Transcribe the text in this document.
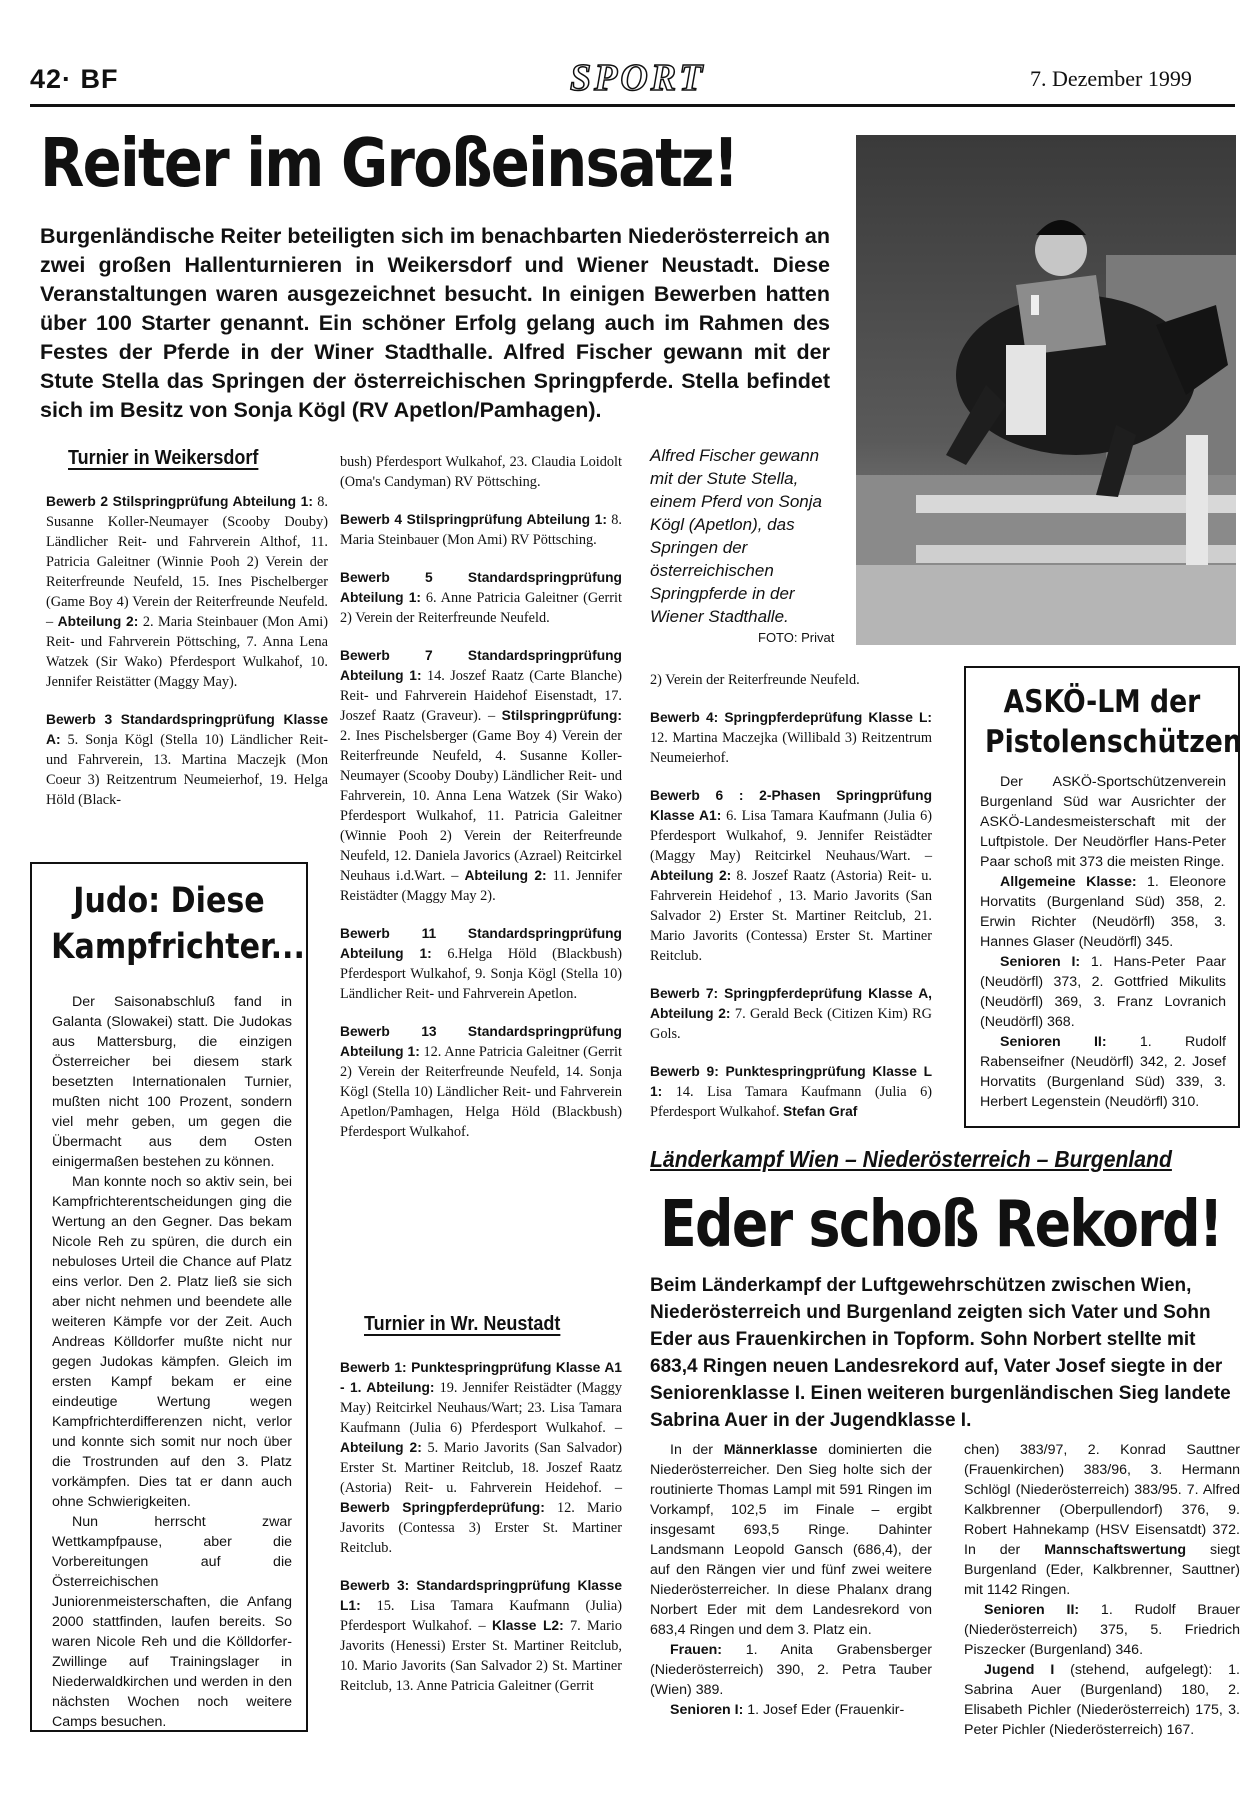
42· BF	SPORT	7. Dezember 1999
Reiter im Großeinsatz!
Burgenländische Reiter beteiligten sich im benachbarten Niederösterreich an zwei großen Hallenturnieren in Weikersdorf und Wiener Neustadt. Diese Veranstaltungen waren ausgezeichnet besucht. In einigen Bewerben hatten über 100 Starter genannt. Ein schöner Erfolg gelang auch im Rahmen des Festes der Pferde in der Winer Stadthalle. Alfred Fischer gewann mit der Stute Stella das Springen der österreichischen Springpferde. Stella befindet sich im Besitz von Sonja Kögl (RV Apetlon/Pamhagen).
Alfred Fischer gewann mit der Stute Stella, einem Pferd von Sonja Kögl (Apetlon), das Springen der österreichischen Springpferde in der Wiener Stadthalle.
FOTO: Privat
Turnier in Weikersdorf

Bewerb 2 Stilspringprüfung Abteilung 1: 8. Susanne Koller-Neumayer (Scooby Douby) Ländlicher Reit- und Fahrverein Althof, 11. Patricia Galeitner (Winnie Pooh 2) Verein der Reiterfreunde Neufeld, 15. Ines Pischelberger (Game Boy 4) Verein der Reiterfreunde Neufeld. – Abteilung 2: 2. Maria Steinbauer (Mon Ami) Reit- und Fahrverein Pöttsching, 7. Anna Lena Watzek (Sir Wako) Pferdesport Wulkahof, 10. Jennifer Reistätter (Maggy May).

Bewerb 3 Standardspringprüfung Klasse A: 5. Sonja Kögl (Stella 10) Ländlicher Reit- und Fahrverein, 13. Martina Maczejk (Mon Coeur 3) Reitzentrum Neumeierhof, 19. Helga Höld (Black-

bush) Pferdesport Wulkahof, 23. Claudia Loidolt (Oma's Candyman) RV Pöttsching.

Bewerb 4 Stilspringprüfung Abteilung 1: 8. Maria Steinbauer (Mon Ami) RV Pöttsching.

Bewerb 5 Standardspringprüfung Abteilung 1: 6. Anne Patricia Galeitner (Gerrit 2) Verein der Reiterfreunde Neufeld.

Bewerb 7 Standardspringprüfung Abteilung 1: 14. Joszef Raatz (Carte Blanche) Reit- und Fahrverein Haidehof Eisenstadt, 17. Joszef Raatz (Graveur). – Stilspringprüfung: 2. Ines Pischelsberger (Game Boy 4) Verein der Reiterfreunde Neufeld, 4. Susanne Koller-Neumayer (Scooby Douby) Ländlicher Reit- und Fahrverein, 10. Anna Lena Watzek (Sir Wako) Pferdesport Wulkahof, 11. Patricia Galeitner (Winnie Pooh 2) Verein der Reiterfreunde Neufeld, 12. Daniela Javorics (Azrael) Reitcirkel Neuhaus i.d.Wart. – Abteilung 2: 11. Jennifer Reistädter (Maggy May 2).

Bewerb 11 Standardspringprüfung Abteilung 1: 6.Helga Höld (Blackbush) Pferdesport Wulkahof, 9. Sonja Kögl (Stella 10) Ländlicher Reit- und Fahrverein Apetlon.

Bewerb 13 Standardspringprüfung Abteilung 1: 12. Anne Patricia Galeitner (Gerrit 2) Verein der Reiterfreunde Neufeld, 14. Sonja Kögl (Stella 10) Ländlicher Reit- und Fahrverein Apetlon/Pamhagen, Helga Höld (Blackbush) Pferdesport Wulkahof.

Turnier in Wr. Neustadt

Bewerb 1: Punktespringprüfung Klasse A1 - 1. Abteilung: 19. Jennifer Reistädter (Maggy May) Reitcirkel Neuhaus/Wart; 23. Lisa Tamara Kaufmann (Julia 6) Pferdesport Wulkahof. – Abteilung 2: 5. Mario Javorits (San Salvador) Erster St. Martiner Reitclub, 18. Joszef Raatz (Astoria) Reit- u. Fahrverein Heidehof. – Bewerb Springpferdeprüfung: 12. Mario Javorits (Contessa 3) Erster St. Martiner Reitclub.

Bewerb 3: Standardspringprüfung Klasse L1: 15. Lisa Tamara Kaufmann (Julia) Pferdesport Wulkahof. – Klasse L2: 7. Mario Javorits (Henessi) Erster St. Martiner Reitclub, 10. Mario Javorits (San Salvador 2) St. Martiner Reitclub, 13. Anne Patricia Galeitner (Gerrit

2) Verein der Reiterfreunde Neufeld.

Bewerb 4: Springpferdeprüfung Klasse L: 12. Martina Maczejka (Willibald 3) Reitzentrum Neumeierhof.

Bewerb 6 : 2-Phasen Springprüfung Klasse A1: 6. Lisa Tamara Kaufmann (Julia 6) Pferdesport Wulkahof, 9. Jennifer Reistädter (Maggy May) Reitcirkel Neuhaus/Wart. – Abteilung 2: 8. Joszef Raatz (Astoria) Reit- u. Fahrverein Heidehof , 13. Mario Javorits (San Salvador 2) Erster St. Martiner Reitclub, 21. Mario Javorits (Contessa) Erster St. Martiner Reitclub.

Bewerb 7: Springpferdeprüfung Klasse A, Abteilung 2: 7. Gerald Beck (Citizen Kim) RG Gols.

Bewerb 9: Punktespringprüfung Klasse L 1: 14. Lisa Tamara Kaufmann (Julia 6) Pferdesport Wulkahof. Stefan Graf

Judo: Diese
Kampfrichter...

Der Saisonabschluß fand in Galanta (Slowakei) statt. Die Judokas aus Mattersburg, die einzigen Österreicher bei diesem stark besetzten Internationalen Turnier, mußten nicht 100 Prozent, sondern viel mehr geben, um gegen die Übermacht aus dem Osten einigermaßen bestehen zu können.

Man konnte noch so aktiv sein, bei Kampfrichterentscheidungen ging die Wertung an den Gegner. Das bekam Nicole Reh zu spüren, die durch ein nebuloses Urteil die Chance auf Platz eins verlor. Den 2. Platz ließ sie sich aber nicht nehmen und beendete alle weiteren Kämpfe vor der Zeit. Auch Andreas Kölldorfer mußte nicht nur gegen Judokas kämpfen. Gleich im ersten Kampf bekam er eine eindeutige Wertung wegen Kampfrichterdifferenzen nicht, verlor und konnte sich somit nur noch über die Trostrunden auf den 3. Platz vorkämpfen. Dies tat er dann auch ohne Schwierigkeiten.

Nun herrscht zwar Wettkampfpause, aber die Vorbereitungen auf die Österreichischen Juniorenmeisterschaften, die Anfang 2000 stattfinden, laufen bereits. So waren Nicole Reh und die Kölldorfer-Zwillinge auf Trainingslager in Niederwaldkirchen und werden in den nächsten Wochen noch weitere Camps besuchen.

ASKÖ-LM der
Pistolenschützen

Der ASKÖ-Sportschützenverein Burgenland Süd war Ausrichter der ASKÖ-Landesmeisterschaft mit der Luftpistole. Der Neudörfler Hans-Peter Paar schoß mit 373 die meisten Ringe.

Allgemeine Klasse: 1. Eleonore Horvatits (Burgenland Süd) 358, 2. Erwin Richter (Neudörfl) 358, 3. Hannes Glaser (Neudörfl) 345.

Senioren I: 1. Hans-Peter Paar (Neudörfl) 373, 2. Gottfried Mikulits (Neudörfl) 369, 3. Franz Lovranich (Neudörfl) 368.

Senioren II: 1. Rudolf Rabenseifner (Neudörfl) 342, 2. Josef Horvatits (Burgenland Süd) 339, 3. Herbert Legenstein (Neudörfl) 310.

Länderkampf Wien – Niederösterreich – Burgenland
Eder schoß Rekord!
Beim Länderkampf der Luftgewehrschützen zwischen Wien, Niederösterreich und Burgenland zeigten sich Vater und Sohn Eder aus Frauenkirchen in Topform. Sohn Norbert stellte mit 683,4 Ringen neuen Landesrekord auf, Vater Josef siegte in der Seniorenklasse I. Einen weiteren burgenländischen Sieg landete Sabrina Auer in der Jugendklasse I.

In der Männerklasse dominierten die Niederösterreicher. Den Sieg holte sich der routinierte Thomas Lampl mit 591 Ringen im Vorkampf, 102,5 im Finale – ergibt insgesamt 693,5 Ringe. Dahinter Landsmann Leopold Gansch (686,4), der auf den Rängen vier und fünf zwei weitere Niederösterreicher. In diese Phalanx drang Norbert Eder mit dem Landesrekord von 683,4 Ringen und dem 3. Platz ein.

Frauen: 1. Anita Grabensberger (Niederösterreich) 390, 2. Petra Tauber (Wien) 389.

Senioren I: 1. Josef Eder (Frauenkir-

chen) 383/97, 2. Konrad Sauttner (Frauenkirchen) 383/96, 3. Hermann Schlögl (Niederösterreich) 383/95. 7. Alfred Kalkbrenner (Oberpullendorf) 376, 9. Robert Hahnekamp (HSV Eisensatdt) 372. In der Mannschaftswertung siegt Burgenland (Eder, Kalkbrenner, Sauttner) mit 1142 Ringen.

Senioren II: 1. Rudolf Brauer (Niederösterreich) 375, 5. Friedrich Piszecker (Burgenland) 346.

Jugend I (stehend, aufgelegt): 1. Sabrina Auer (Burgenland) 180, 2. Elisabeth Pichler (Niederösterreich) 175, 3. Peter Pichler (Niederösterreich) 167.
